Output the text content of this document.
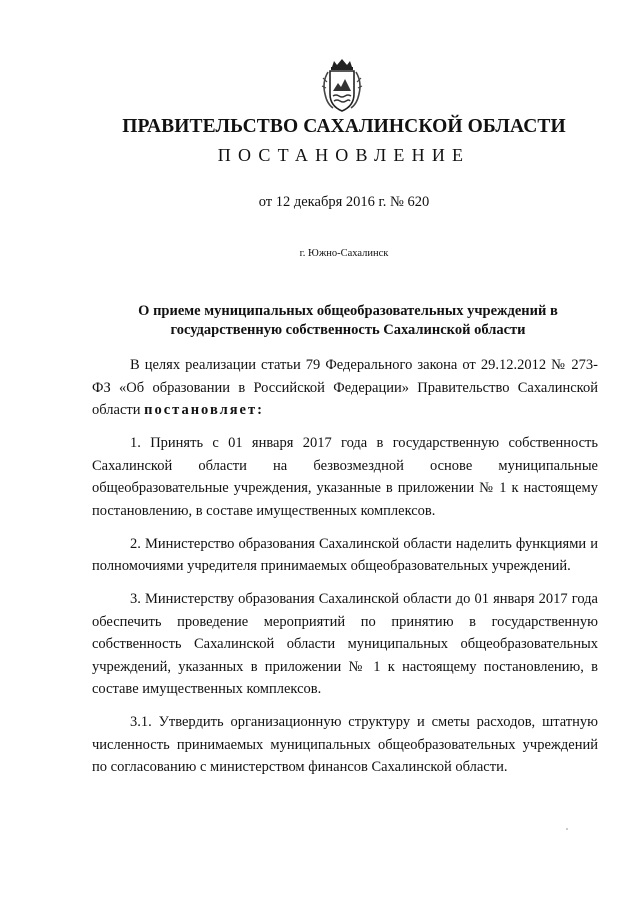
ПРАВИТЕЛЬСТВО САХАЛИНСКОЙ ОБЛАСТИ
ПОСТАНОВЛЕНИЕ
от 12 декабря 2016 г. № 620
г. Южно-Сахалинск
О приеме муниципальных общеобразовательных учреждений в государственную собственность Сахалинской области

В целях реализации статьи 79 Федерального закона от 29.12.2012 № 273-ФЗ «Об образовании в Российской Федерации» Правительство Сахалинской области постановляет:

1. Принять с 01 января 2017 года в государственную собственность Сахалинской области на безвозмездной основе муниципальные общеобразовательные учреждения, указанные в приложении № 1 к настоящему постановлению, в составе имущественных комплексов.

2. Министерство образования Сахалинской области наделить функциями и полномочиями учредителя принимаемых общеобразовательных учреждений.

3. Министерству образования Сахалинской области до 01 января 2017 года обеспечить проведение мероприятий по принятию в государственную собственность Сахалинской области муниципальных общеобразовательных учреждений, указанных в приложении № 1 к настоящему постановлению, в составе имущественных комплексов.

3.1. Утвердить организационную структуру и сметы расходов, штатную численность принимаемых муниципальных общеобразовательных учреждений по согласованию с министерством финансов Сахалинской области.
